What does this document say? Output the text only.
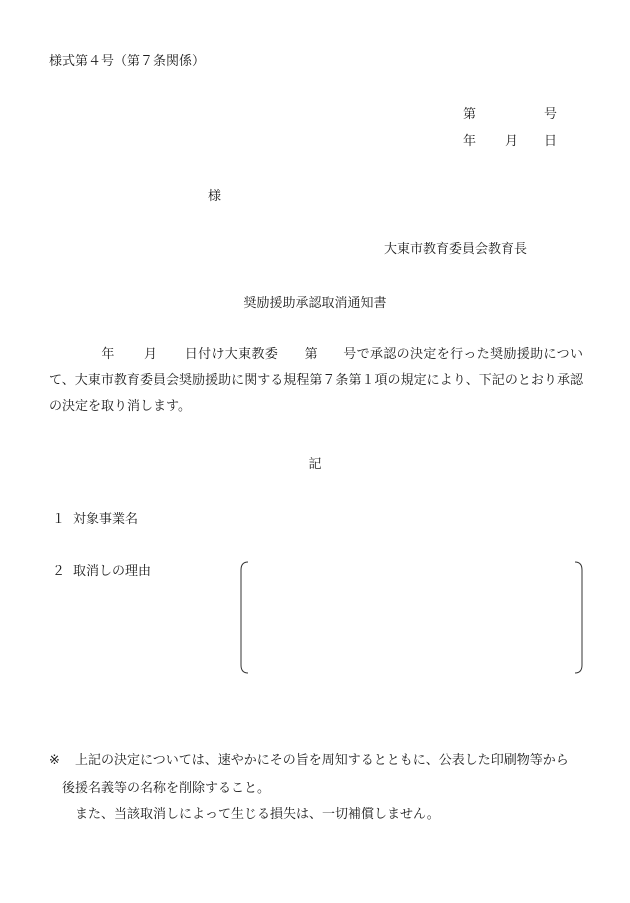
様式第４号（第７条関係）
第	号
年 月 日
様
大東市教育委員会教育長
奨励援助承認取消通知書
年 月 日付け大東教委 第 号で承認の決定を行った奨励援助について、大東市教育委員会奨励援助に関する規程第７条第１項の規定により、下記のとおり承認の決定を取り消します。
記
１ 対象事業名
２ 取消しの理由
※ 上記の決定については、速やかにその旨を周知するとともに、公表した印刷物等から
後援名義等の名称を削除すること。
また、当該取消しによって生じる損失は、一切補償しません。
